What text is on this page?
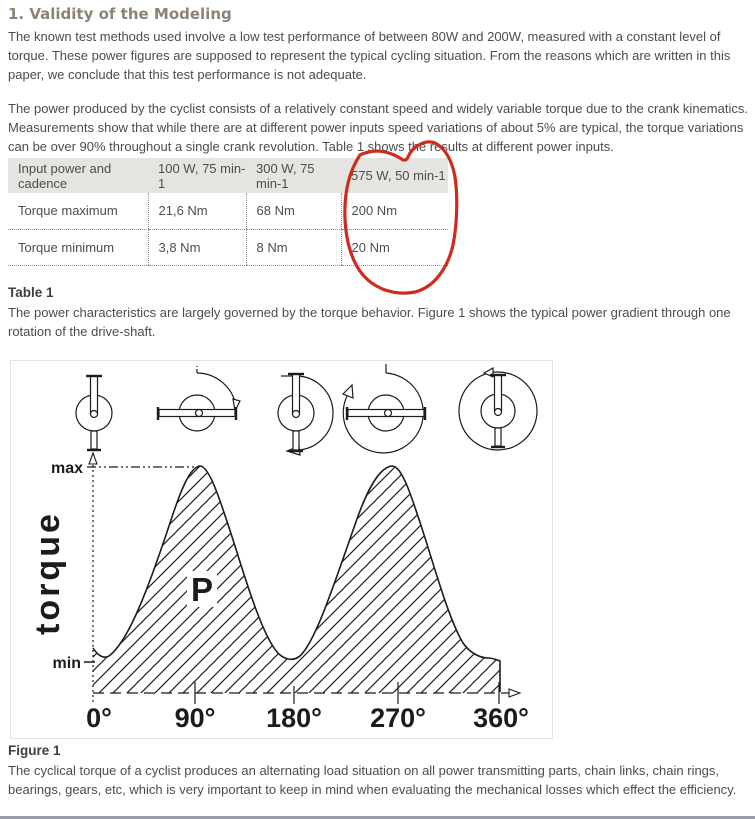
1. Validity of the Modeling

The known test methods used involve a low test performance of between 80W and 200W, measured with a constant level of torque. These power figures are supposed to represent the typical cycling situation. From the reasons which are written in this paper, we conclude that this test performance is not adequate.

The power produced by the cyclist consists of a relatively constant speed and widely variable torque due to the crank kinematics. Measurements show that while there are at different power inputs speed variations of about 5% are typical, the torque variations can be over 90% throughout a single crank revolution. Table 1 shows the results at different power inputs.

Input power and cadence	100 W, 75 min-1	300 W, 75 min-1	575 W, 50 min-1
Torque maximum	21,6 Nm	68 Nm	200 Nm
Torque minimum	3,8 Nm	8 Nm	20 Nm
Table 1

The power characteristics are largely governed by the torque behavior. Figure 1 shows the typical power gradient through one rotation of the drive-shaft.

max
min
torque	P
0° 90° 180° 270° 360°
Figure 1

The cyclical torque of a cyclist produces an alternating load situation on all power transmitting parts, chain links, chain rings, bearings, gears, etc, which is very important to keep in mind when evaluating the mechanical losses which effect the efficiency.
